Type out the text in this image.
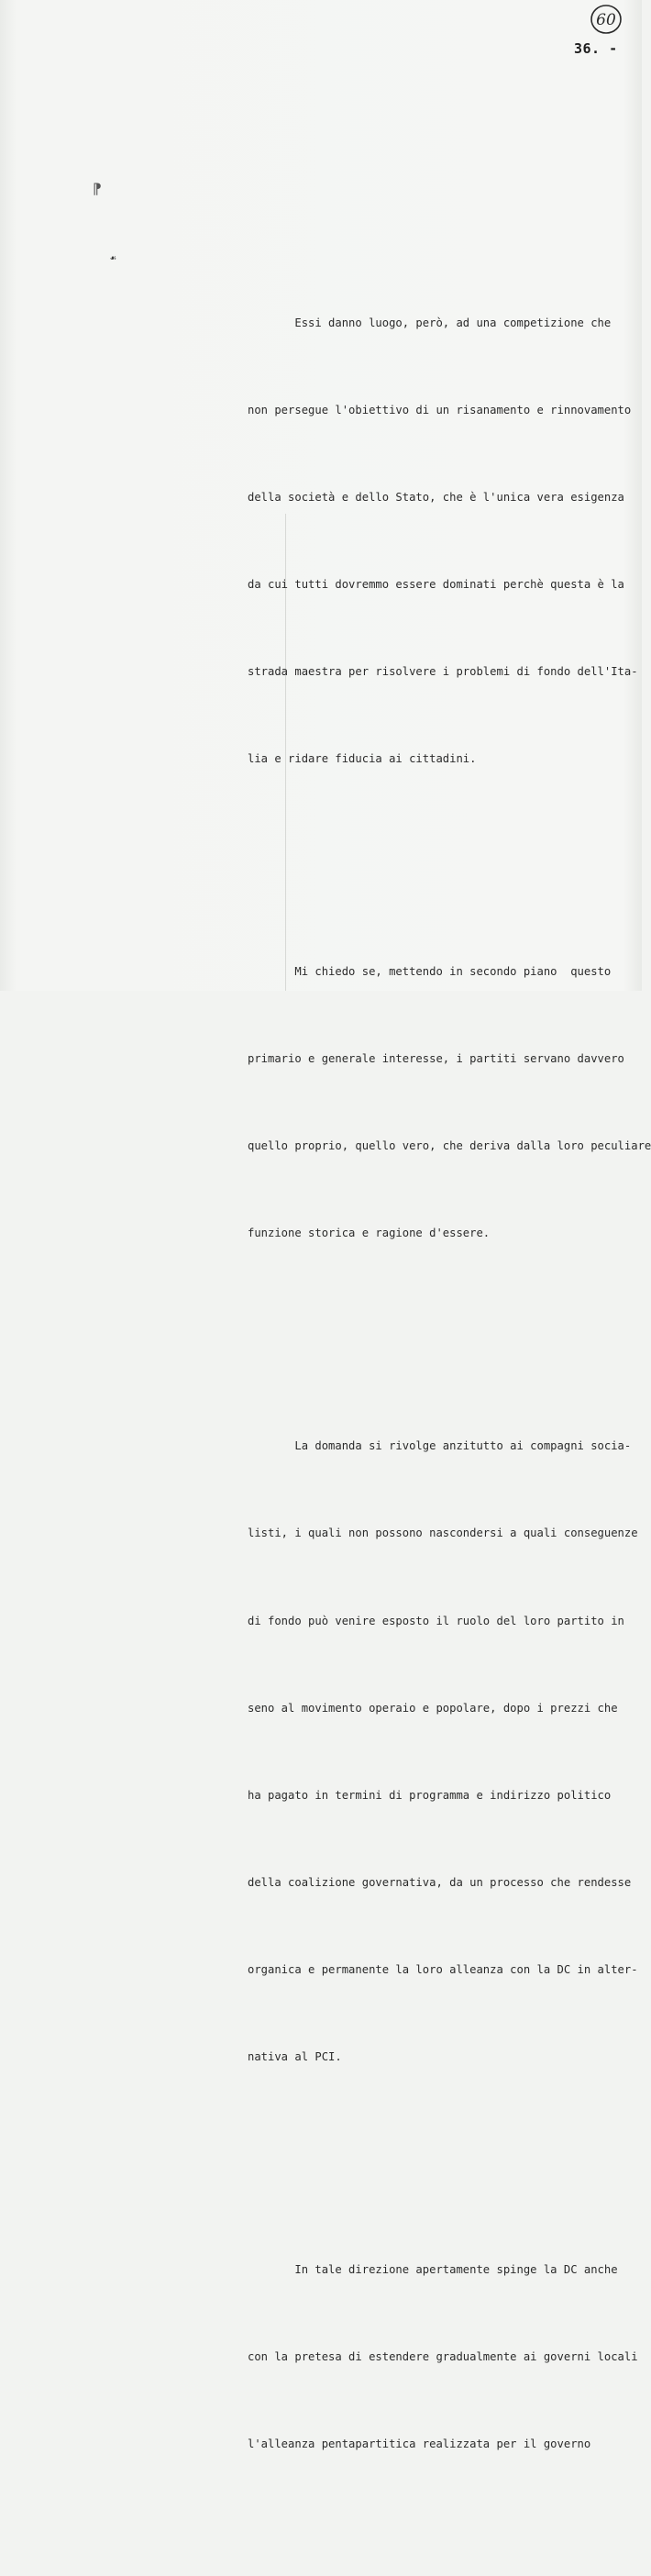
60
36. -
⁋
☙

Essi danno luogo, però, ad una competizione che

non persegue l'obiettivo di un risanamento e rinnovamento

della società e dello Stato, che è l'unica vera esigenza

da cui tutti dovremmo essere dominati perchè questa è la

strada maestra per risolvere i problemi di fondo dell'Ita-

lia e ridare fiducia ai cittadini.

Mi chiedo se, mettendo in secondo piano  questo

primario e generale interesse, i partiti servano davvero

quello proprio, quello vero, che deriva dalla loro peculiare

funzione storica e ragione d'essere.

La domanda si rivolge anzitutto ai compagni socia-

listi, i quali non possono nascondersi a quali conseguenze

di fondo può venire esposto il ruolo del loro partito in

seno al movimento operaio e popolare, dopo i prezzi che

ha pagato in termini di programma e indirizzo politico

della coalizione governativa, da un processo che rendesse

organica e permanente la loro alleanza con la DC in alter-

nativa al PCI.

In tale direzione apertamente spinge la DC anche

con la pretesa di estendere gradualmente ai governi locali

l'alleanza pentapartitica realizzata per il governo
